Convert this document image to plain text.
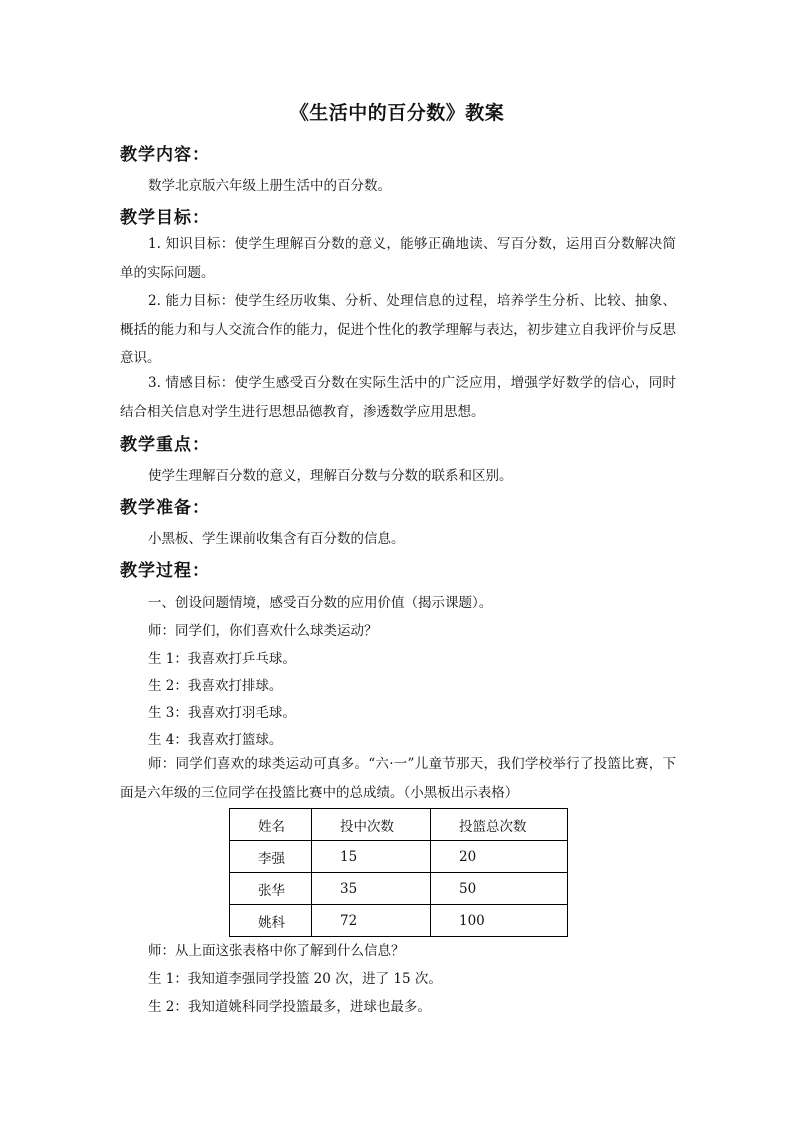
《生活中的百分数》教案
教学内容：
数学北京版六年级上册生活中的百分数。
教学目标：
1. 知识目标：使学生理解百分数的意义，能够正确地读、写百分数，运用百分数解决简单的实际问题。
2. 能力目标：使学生经历收集、分析、处理信息的过程，培养学生分析、比较、抽象、概括的能力和与人交流合作的能力，促进个性化的教学理解与表达，初步建立自我评价与反思意识。
3. 情感目标：使学生感受百分数在实际生活中的广泛应用，增强学好数学的信心，同时结合相关信息对学生进行思想品德教育，渗透数学应用思想。
教学重点：
使学生理解百分数的意义，理解百分数与分数的联系和区别。
教学准备：
小黑板、学生课前收集含有百分数的信息。
教学过程：
一、创设问题情境，感受百分数的应用价值（揭示课题）。
师：同学们，你们喜欢什么球类运动？
生 1：我喜欢打乒乓球。
生 2：我喜欢打排球。
生 3：我喜欢打羽毛球。
生 4：我喜欢打篮球。
师：同学们喜欢的球类运动可真多。“六·一”儿童节那天，我们学校举行了投篮比赛，下面是六年级的三位同学在投篮比赛中的总成绩。（小黑板出示表格）
姓名	投中次数	投篮总次数
李强	15	20
张华	35	50
姚科	72	100
师：从上面这张表格中你了解到什么信息？
生 1：我知道李强同学投篮 20 次，进了 15 次。
生 2：我知道姚科同学投篮最多，进球也最多。
